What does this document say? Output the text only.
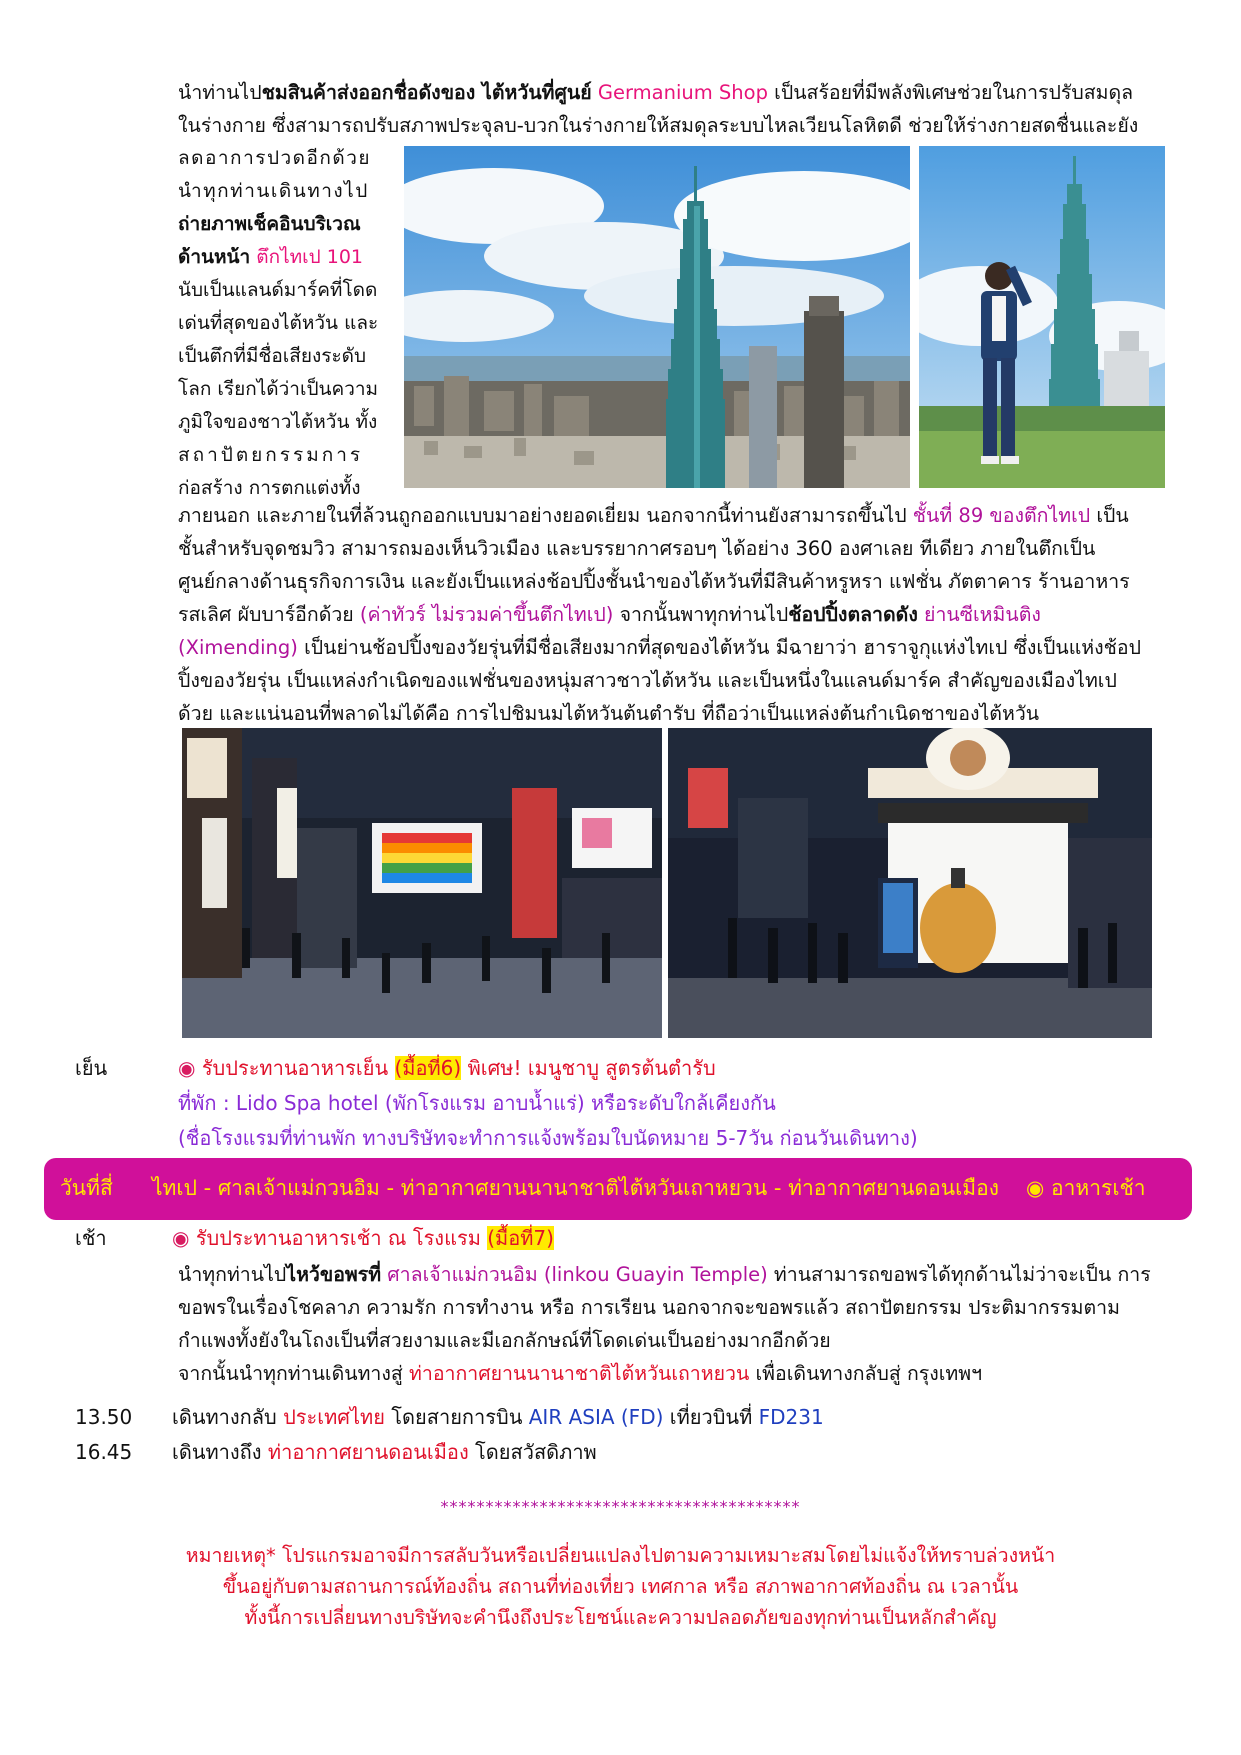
นำท่านไปชมสินค้าส่งออกชื่อดังของ ไต้หวันที่ศูนย์ Germanium Shop เป็นสร้อยที่มีพลังพิเศษช่วยในการปรับสมดุล
ในร่างกาย ซึ่งสามารถปรับสภาพประจุลบ-บวกในร่างกายให้สมดุลระบบไหลเวียนโลหิตดี ช่วยให้ร่างกายสดชื่นและยัง
ลดอาการปวดอีกด้วย
นำทุกท่านเดินทางไป
ถ่ายภาพเช็คอินบริเวณ
ด้านหน้า ตึกไทเป 101
นับเป็นแลนด์มาร์คที่โดด
เด่นที่สุดของไต้หวัน และ
เป็นตึกที่มีชื่อเสียงระดับ
โลก เรียกได้ว่าเป็นความ
ภูมิใจของชาวไต้หวัน ทั้ง
สถาปัตยกรรมการ
ก่อสร้าง การตกแต่งทั้ง
ภายนอก และภายในที่ล้วนถูกออกแบบมาอย่างยอดเยี่ยม นอกจากนี้ท่านยังสามารถขึ้นไป ชั้นที่ 89 ของตึกไทเป เป็น
ชั้นสำหรับจุดชมวิว สามารถมองเห็นวิวเมือง และบรรยากาศรอบๆ ได้อย่าง 360 องศาเลย ทีเดียว ภายในตึกเป็น
ศูนย์กลางด้านธุรกิจการเงิน และยังเป็นแหล่งช้อปปิ้งชั้นนำของไต้หวันที่มีสินค้าหรูหรา แฟชั่น ภัตตาคาร ร้านอาหาร
รสเลิศ ผับบาร์อีกด้วย (ค่าทัวร์ ไม่รวมค่าขึ้นตึกไทเป) จากนั้นพาทุกท่านไปช้อปปิ้งตลาดดัง ย่านซีเหมินติง
(Ximending) เป็นย่านช้อปปิ้งของวัยรุ่นที่มีชื่อเสียงมากที่สุดของไต้หวัน มีฉายาว่า ฮาราจูกุแห่งไทเป ซึ่งเป็นแห่งช้อป
ปิ้งของวัยรุ่น เป็นแหล่งกำเนิดของแฟชั่นของหนุ่มสาวชาวไต้หวัน และเป็นหนึ่งในแลนด์มาร์ค สำคัญของเมืองไทเป
ด้วย และแน่นอนที่พลาดไม่ได้คือ การไปชิมนมไต้หวันต้นตำรับ ที่ถือว่าเป็นแหล่งต้นกำเนิดชาของไต้หวัน
เย็น	◉ รับประทานอาหารเย็น (มื้อที่6) พิเศษ! เมนูชาบู สูตรต้นตำรับ
ที่พัก : Lido Spa hotel (พักโรงแรม อาบน้ำแร่) หรือระดับใกล้เคียงกัน
(ชื่อโรงแรมที่ท่านพัก ทางบริษัทจะทำการแจ้งพร้อมใบนัดหมาย 5-7วัน ก่อนวันเดินทาง)
วันที่สี่ ไทเป - ศาลเจ้าแม่กวนอิม - ท่าอากาศยานนานาชาติไต้หวันเถาหยวน - ท่าอากาศยานดอนเมือง ◉ อาหารเช้า
เช้า	◉ รับประทานอาหารเช้า ณ โรงแรม (มื้อที่7)
นำทุกท่านไปไหว้ขอพรที่ ศาลเจ้าแม่กวนอิม (linkou Guayin Temple) ท่านสามารถขอพรได้ทุกด้านไม่ว่าจะเป็น การ
ขอพรในเรื่องโชคลาภ ความรัก การทำงาน หรือ การเรียน นอกจากจะขอพรแล้ว สถาปัตยกรรม ประติมากรรมตาม
กำแพงทั้งยังในโถงเป็นที่สวยงามและมีเอกลักษณ์ที่โดดเด่นเป็นอย่างมากอีกด้วย
จากนั้นนำทุกท่านเดินทางสู่ ท่าอากาศยานนานาชาติไต้หวันเถาหยวน เพื่อเดินทางกลับสู่ กรุงเทพฯ
13.50 เดินทางกลับ ประเทศไทย โดยสายการบิน AIR ASIA (FD) เที่ยวบินที่ FD231
16.45 เดินทางถึง ท่าอากาศยานดอนเมือง โดยสวัสดิภาพ
****************************************
หมายเหตุ* โปรแกรมอาจมีการสลับวันหรือเปลี่ยนแปลงไปตามความเหมาะสมโดยไม่แจ้งให้ทราบล่วงหน้า
ขึ้นอยู่กับตามสถานการณ์ท้องถิ่น สถานที่ท่องเที่ยว เทศกาล หรือ สภาพอากาศท้องถิ่น ณ เวลานั้น
ทั้งนี้การเปลี่ยนทางบริษัทจะคำนึงถึงประโยชน์และความปลอดภัยของทุกท่านเป็นหลักสำคัญ
